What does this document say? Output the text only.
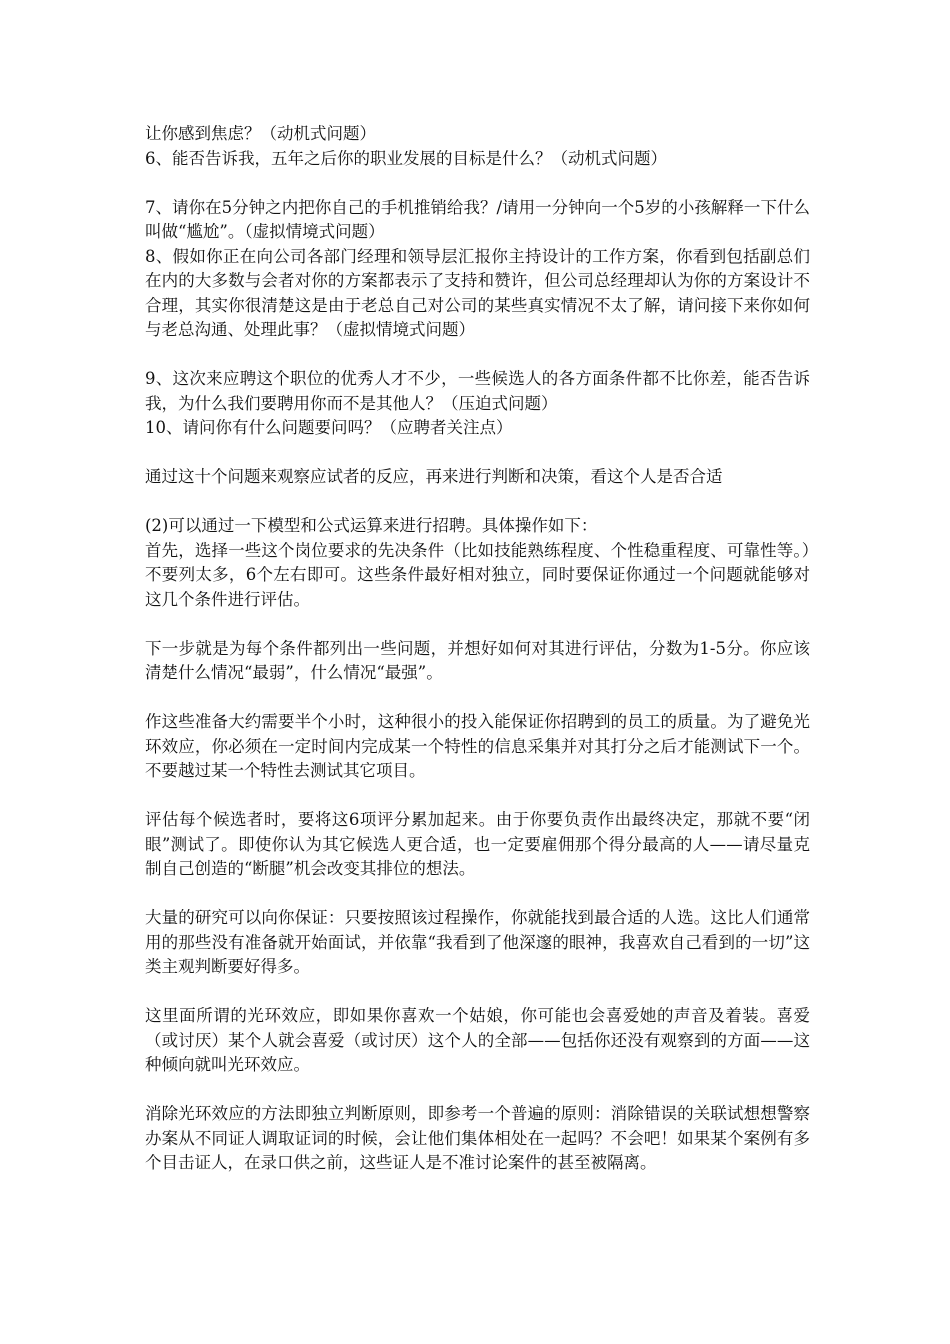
让你感到焦虑？（动机式问题）

6、能否告诉我，五年之后你的职业发展的目标是什么？（动机式问题）

7、请你在5分钟之内把你自己的手机推销给我？/请用一分钟向一个5岁的小孩解释一下什么叫做“尴尬”。（虚拟情境式问题）

8、假如你正在向公司各部门经理和领导层汇报你主持设计的工作方案，你看到包括副总们在内的大多数与会者对你的方案都表示了支持和赞许，但公司总经理却认为你的方案设计不合理，其实你很清楚这是由于老总自己对公司的某些真实情况不太了解，请问接下来你如何与老总沟通、处理此事？（虚拟情境式问题）

9、这次来应聘这个职位的优秀人才不少，一些候选人的各方面条件都不比你差，能否告诉我，为什么我们要聘用你而不是其他人？（压迫式问题）

10、请问你有什么问题要问吗？（应聘者关注点）

通过这十个问题来观察应试者的反应，再来进行判断和决策，看这个人是否合适

(2)可以通过一下模型和公式运算来进行招聘。具体操作如下：

首先，选择一些这个岗位要求的先决条件（比如技能熟练程度、个性稳重程度、可靠性等。）不要列太多，6个左右即可。这些条件最好相对独立，同时要保证你通过一个问题就能够对这几个条件进行评估。

下一步就是为每个条件都列出一些问题，并想好如何对其进行评估，分数为1-5分。你应该清楚什么情况“最弱”，什么情况“最强”。

作这些准备大约需要半个小时，这种很小的投入能保证你招聘到的员工的质量。为了避免光环效应，你必须在一定时间内完成某一个特性的信息采集并对其打分之后才能测试下一个。不要越过某一个特性去测试其它项目。

评估每个候选者时，要将这6项评分累加起来。由于你要负责作出最终决定，那就不要“闭眼”测试了。即使你认为其它候选人更合适，也一定要雇佣那个得分最高的人——请尽量克制自己创造的“断腿”机会改变其排位的想法。

大量的研究可以向你保证：只要按照该过程操作，你就能找到最合适的人选。这比人们通常用的那些没有准备就开始面试，并依靠“我看到了他深邃的眼神，我喜欢自己看到的一切”这类主观判断要好得多。

这里面所谓的光环效应，即如果你喜欢一个姑娘，你可能也会喜爱她的声音及着装。喜爱（或讨厌）某个人就会喜爱（或讨厌）这个人的全部——包括你还没有观察到的方面——这种倾向就叫光环效应。

消除光环效应的方法即独立判断原则，即参考一个普遍的原则：消除错误的关联试想想警察办案从不同证人调取证词的时候，会让他们集体相处在一起吗？不会吧！如果某个案例有多个目击证人，在录口供之前，这些证人是不准讨论案件的甚至被隔离。
